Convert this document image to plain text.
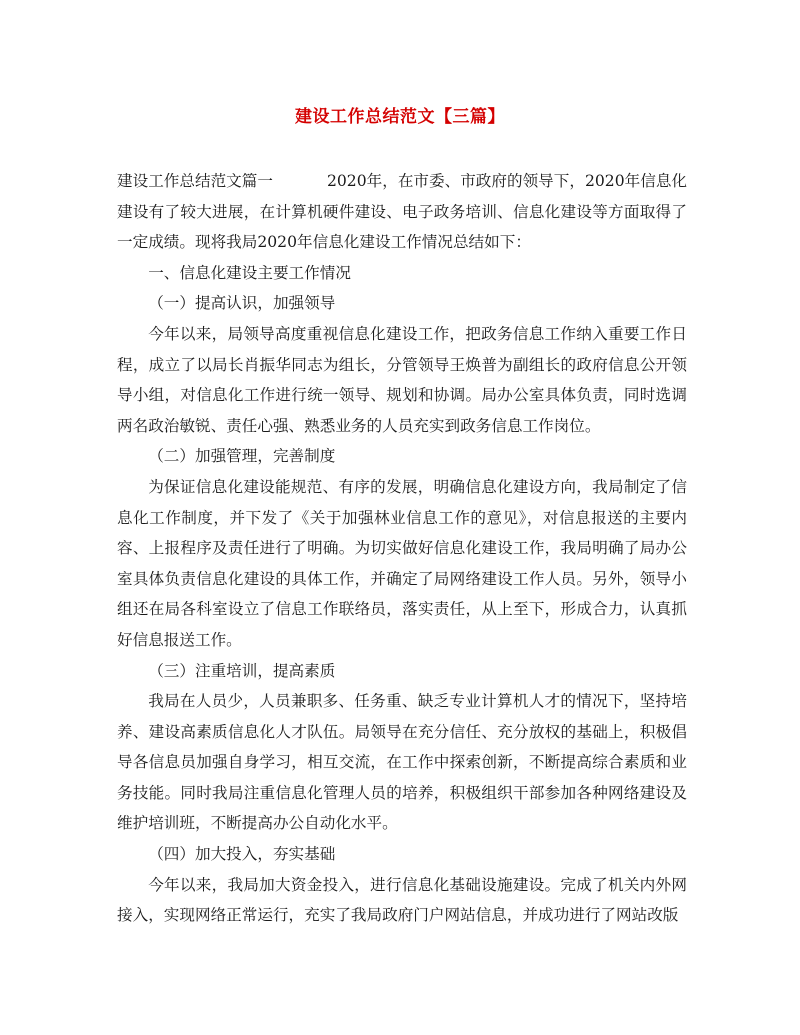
建设工作总结范文【三篇】

建设工作总结范文篇一	2020年，在市委、市政府的领导下，2020年信息化建设有了较大进展，在计算机硬件建设、电子政务培训、信息化建设等方面取得了一定成绩。现将我局2020年信息化建设工作情况总结如下：

一、信息化建设主要工作情况

（一）提高认识，加强领导

今年以来，局领导高度重视信息化建设工作，把政务信息工作纳入重要工作日程，成立了以局长肖振华同志为组长，分管领导王焕普为副组长的政府信息公开领导小组，对信息化工作进行统一领导、规划和协调。局办公室具体负责，同时选调两名政治敏锐、责任心强、熟悉业务的人员充实到政务信息工作岗位。

（二）加强管理，完善制度

为保证信息化建设能规范、有序的发展，明确信息化建设方向，我局制定了信息化工作制度，并下发了《关于加强林业信息工作的意见》，对信息报送的主要内容、上报程序及责任进行了明确。为切实做好信息化建设工作，我局明确了局办公室具体负责信息化建设的具体工作，并确定了局网络建设工作人员。另外，领导小组还在局各科室设立了信息工作联络员，落实责任，从上至下，形成合力，认真抓好信息报送工作。

（三）注重培训，提高素质

我局在人员少，人员兼职多、任务重、缺乏专业计算机人才的情况下，坚持培养、建设高素质信息化人才队伍。局领导在充分信任、充分放权的基础上，积极倡导各信息员加强自身学习，相互交流，在工作中探索创新，不断提高综合素质和业务技能。同时我局注重信息化管理人员的培养，积极组织干部参加各种网络建设及维护培训班，不断提高办公自动化水平。

（四）加大投入，夯实基础

今年以来，我局加大资金投入，进行信息化基础设施建设。完成了机关内外网接入，实现网络正常运行，充实了我局政府门户网站信息，并成功进行了网站改版
